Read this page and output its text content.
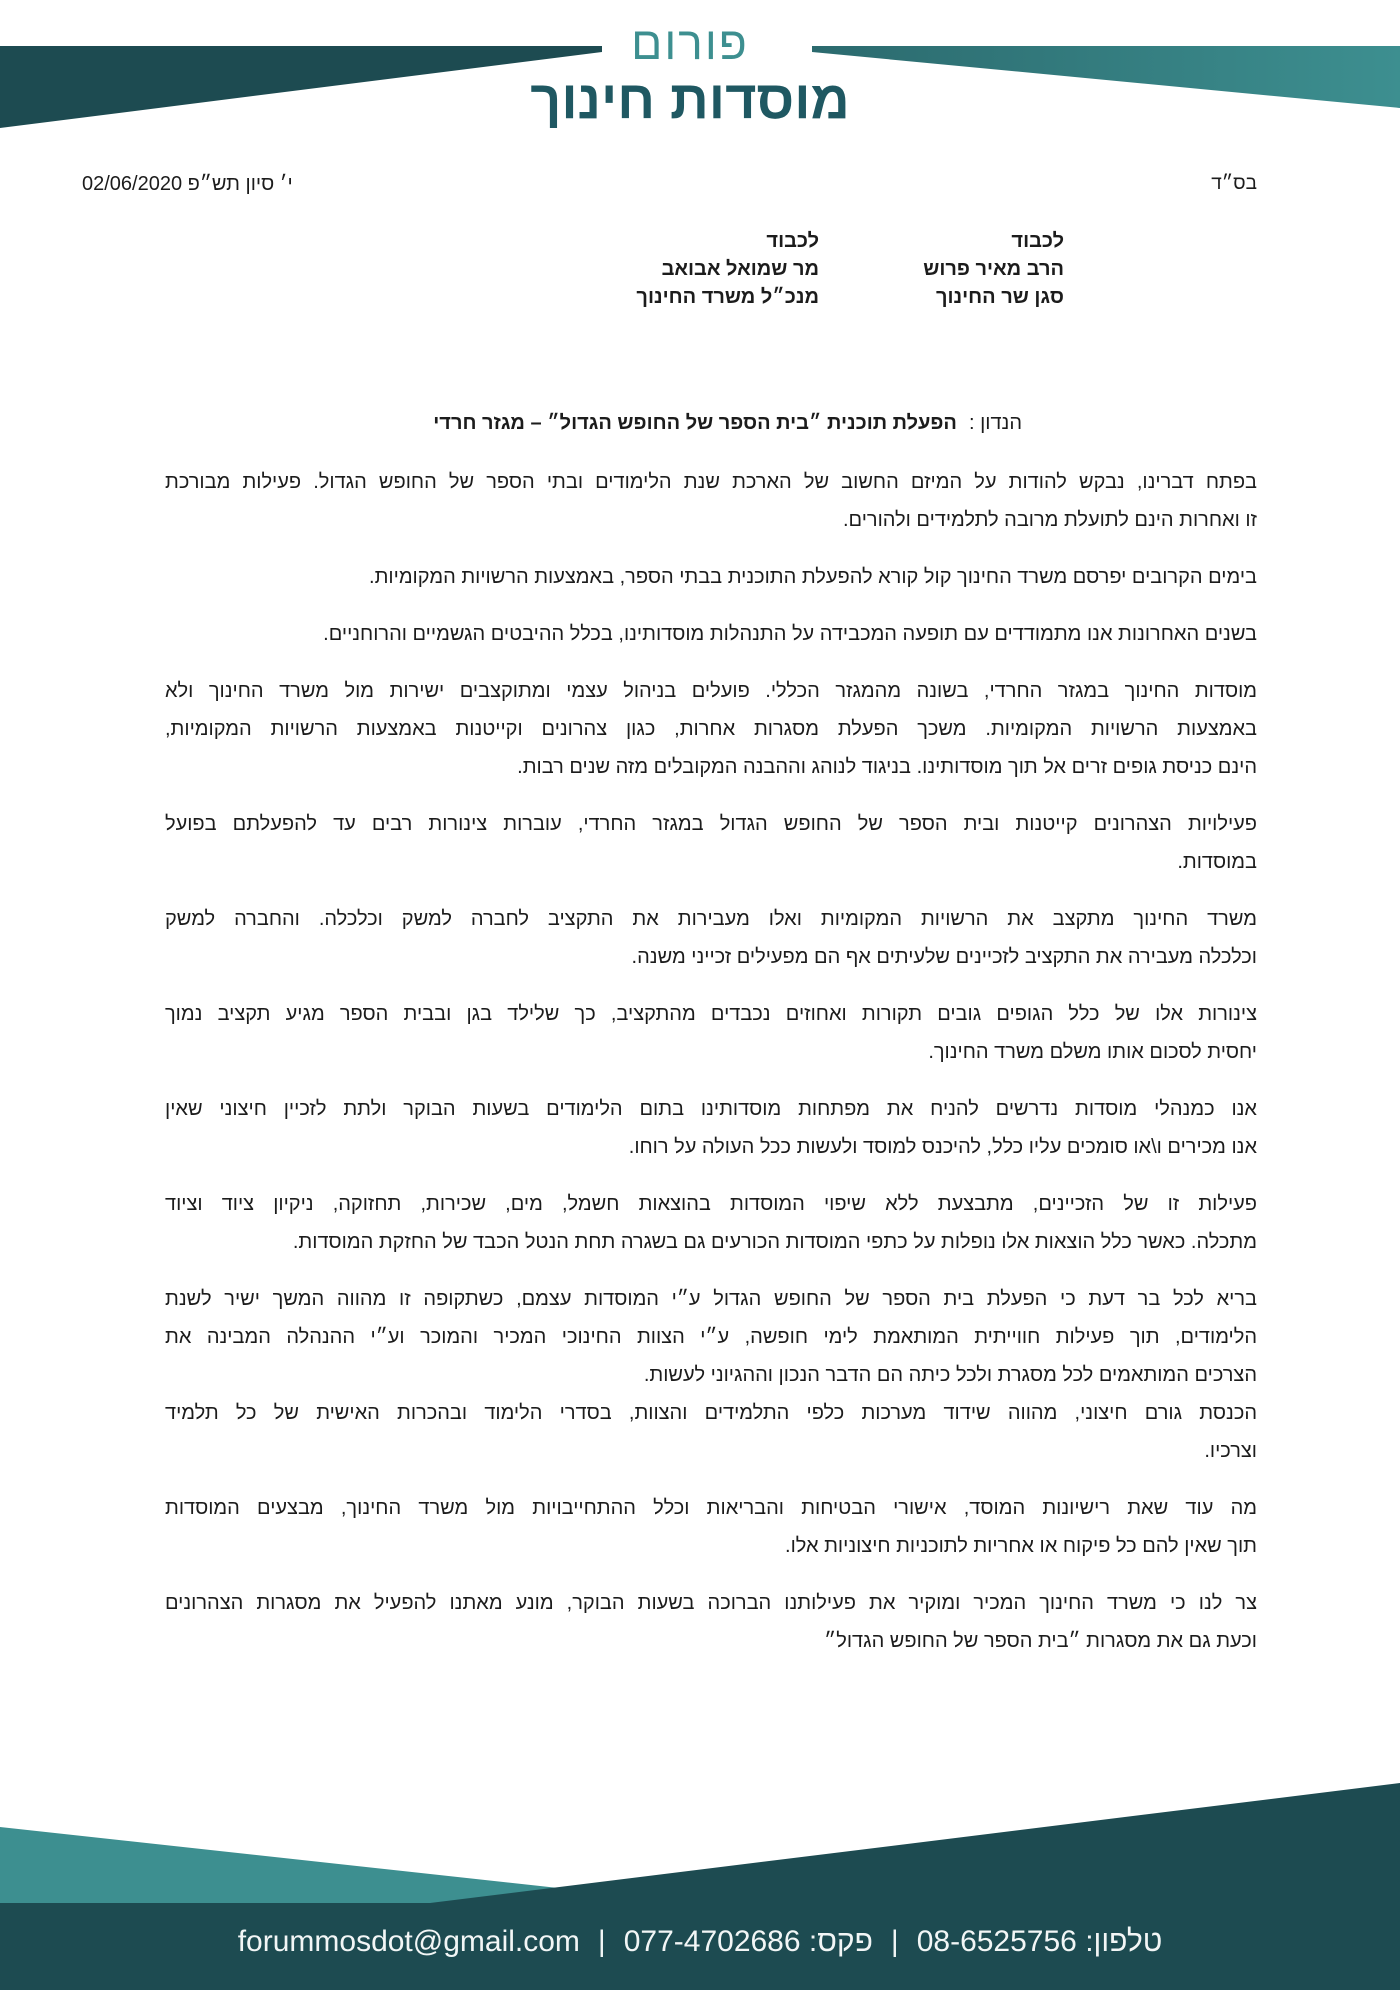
פורום
מוסדות חינוך
בס״ד
י׳ סיון תש״פ 02/06/2020
לכבוד
הרב מאיר פרוש
סגן שר החינוך
לכבוד
מר שמואל אבואב
מנכ״ל משרד החינוך
הנדון :הפעלת תוכנית ״בית הספר של החופש הגדול״ – מגזר חרדי
בפתח דברינו, נבקש להודות על המיזם החשוב של הארכת שנת הלימודים ובתי הספר של החופש הגדול. פעילות מבורכת
זו ואחרות הינם לתועלת מרובה לתלמידים ולהורים.
בימים הקרובים יפרסם משרד החינוך קול קורא להפעלת התוכנית בבתי הספר, באמצעות הרשויות המקומיות.
בשנים האחרונות אנו מתמודדים עם תופעה המכבידה על התנהלות מוסדותינו, בכלל ההיבטים הגשמיים והרוחניים.
מוסדות החינוך במגזר החרדי, בשונה מהמגזר הכללי. פועלים בניהול עצמי ומתוקצבים ישירות מול משרד החינוך ולא
באמצעות הרשויות המקומיות. משכך הפעלת מסגרות אחרות, כגון צהרונים וקייטנות באמצעות הרשויות המקומיות,
הינם כניסת גופים זרים אל תוך מוסדותינו. בניגוד לנוהג וההבנה המקובלים מזה שנים רבות.
פעילויות הצהרונים קייטנות ובית הספר של החופש הגדול במגזר החרדי, עוברות צינורות רבים עד להפעלתם בפועל
במוסדות.
משרד החינוך מתקצב את הרשויות המקומיות ואלו מעבירות את התקציב לחברה למשק וכלכלה. והחברה למשק
וכלכלה מעבירה את התקציב לזכיינים שלעיתים אף הם מפעילים זכייני משנה.
צינורות אלו של כלל הגופים גובים תקורות ואחוזים נכבדים מהתקציב, כך שלילד בגן ובבית הספר מגיע תקציב נמוך
יחסית לסכום אותו משלם משרד החינוך.
אנו כמנהלי מוסדות נדרשים להניח את מפתחות מוסדותינו בתום הלימודים בשעות הבוקר ולתת לזכיין חיצוני שאין
אנו מכירים ו\או סומכים עליו כלל, להיכנס למוסד ולעשות ככל העולה על רוחו.
פעילות זו של הזכיינים, מתבצעת ללא שיפוי המוסדות בהוצאות חשמל, מים, שכירות, תחזוקה, ניקיון ציוד וציוד
מתכלה. כאשר כלל הוצאות אלו נופלות על כתפי המוסדות הכורעים גם בשגרה תחת הנטל הכבד של החזקת המוסדות.
בריא לכל בר דעת כי הפעלת בית הספר של החופש הגדול ע״י המוסדות עצמם, כשתקופה זו מהווה המשך ישיר לשנת
הלימודים, תוך פעילות חווייתית המותאמת לימי חופשה, ע״י הצוות החינוכי המכיר והמוכר וע״י ההנהלה המבינה את
הצרכים המותאמים לכל מסגרת ולכל כיתה הם הדבר הנכון וההגיוני לעשות.
הכנסת גורם חיצוני, מהווה שידוד מערכות כלפי התלמידים והצוות, בסדרי הלימוד ובהכרות האישית של כל תלמיד
וצרכיו.
מה עוד שאת רישיונות המוסד, אישורי הבטיחות והבריאות וכלל ההתחייבויות מול משרד החינוך, מבצעים המוסדות
תוך שאין להם כל פיקוח או אחריות לתוכניות חיצוניות אלו.
צר לנו כי משרד החינוך המכיר ומוקיר את פעילותנו הברוכה בשעות הבוקר, מונע מאתנו להפעיל את מסגרות הצהרונים
וכעת גם את מסגרות ״בית הספר של החופש הגדול״
טלפון: 08-6525756
|
פקס: 077-4702686
|
forummosdot@gmail.com
